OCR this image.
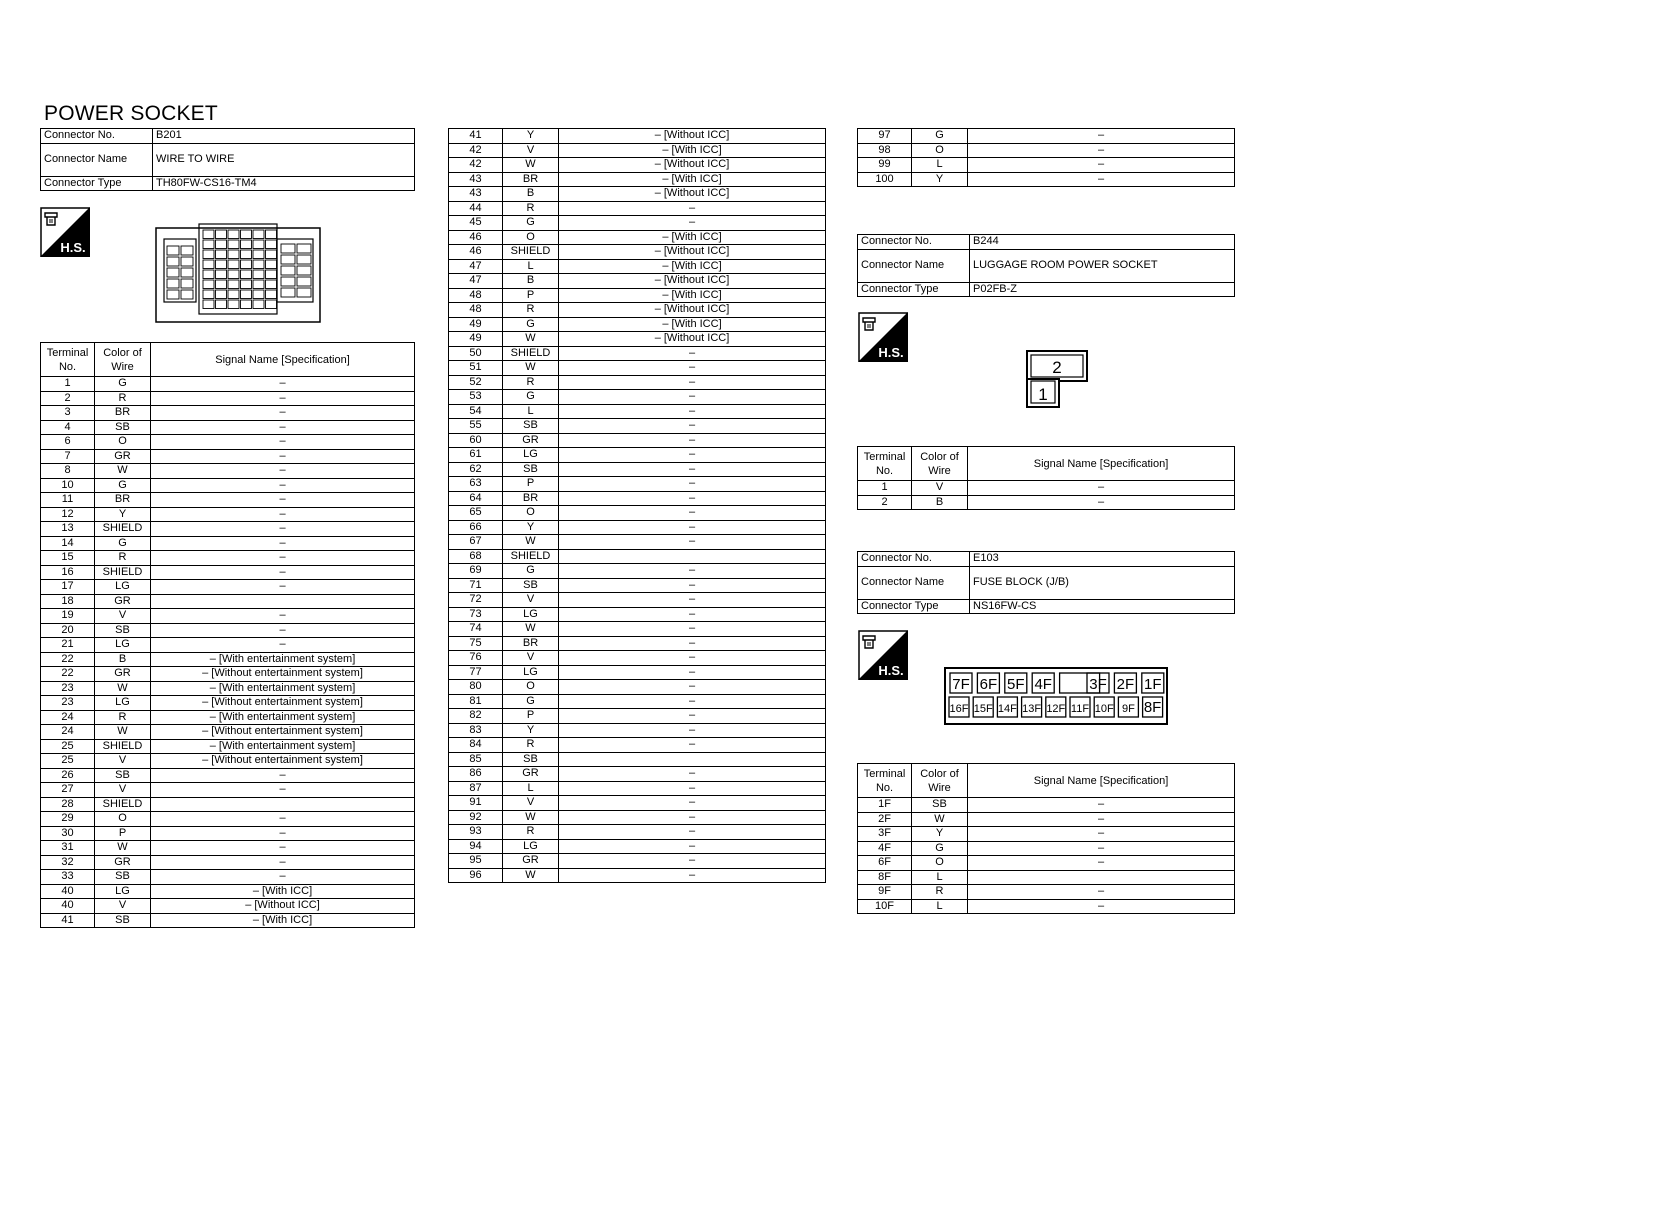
POWER SOCKET
Connector No.	B201
Connector Name	WIRE TO WIRE
Connector Type	TH80FW-CS16-TM4
H.S.
Terminal No.	Color of Wire	Signal Name [Specification]
1	G	–
2	R	–
3	BR	–
4	SB	–
6	O	–
7	GR	–
8	W	–
10	G	–
11	BR	–
12	Y	–
13	SHIELD	–
14	G	–
15	R	–
16	SHIELD	–
17	LG	–
18	GR	
19	V	–
20	SB	–
21	LG	–
22	B	– [With entertainment system]
22	GR	– [Without entertainment system]
23	W	– [With entertainment system]
23	LG	– [Without entertainment system]
24	R	– [With entertainment system]
24	W	– [Without entertainment system]
25	SHIELD	– [With entertainment system]
25	V	– [Without entertainment system]
26	SB	–
27	V	–
28	SHIELD	
29	O	–
30	P	–
31	W	–
32	GR	–
33	SB	–
40	LG	– [With ICC]
40	V	– [Without ICC]
41	SB	– [With ICC]
41	Y	– [Without ICC]
42	V	– [With ICC]
42	W	– [Without ICC]
43	BR	– [With ICC]
43	B	– [Without ICC]
44	R	–
45	G	–
46	O	– [With ICC]
46	SHIELD	– [Without ICC]
47	L	– [With ICC]
47	B	– [Without ICC]
48	P	– [With ICC]
48	R	– [Without ICC]
49	G	– [With ICC]
49	W	– [Without ICC]
50	SHIELD	–
51	W	–
52	R	–
53	G	–
54	L	–
55	SB	–
60	GR	–
61	LG	–
62	SB	–
63	P	–
64	BR	–
65	O	–
66	Y	–
67	W	–
68	SHIELD	
69	G	–
71	SB	–
72	V	–
73	LG	–
74	W	–
75	BR	–
76	V	–
77	LG	–
80	O	–
81	G	–
82	P	–
83	Y	–
84	R	–
85	SB	
86	GR	–
87	L	–
91	V	–
92	W	–
93	R	–
94	LG	–
95	GR	–
96	W	–
97	G	–
98	O	–
99	L	–
100	Y	–
Connector No.	B244
Connector Name	LUGGAGE ROOM POWER SOCKET
Connector Type	P02FB-Z
H.S.
2
1
Terminal No.	Color of Wire	Signal Name [Specification]
1	V	–
2	B	–
Connector No.	E103
Connector Name	FUSE BLOCK (J/B)
Connector Type	NS16FW-CS
H.S.
7F 6F 5F 4F 3F 2F 1F
16F 15F 14F 13F 12F 11F 10F 9F 8F
Terminal No.	Color of Wire	Signal Name [Specification]
1F	SB	–
2F	W	–
3F	Y	–
4F	G	–
6F	O	–
8F	L	
9F	R	–
10F	L	–
